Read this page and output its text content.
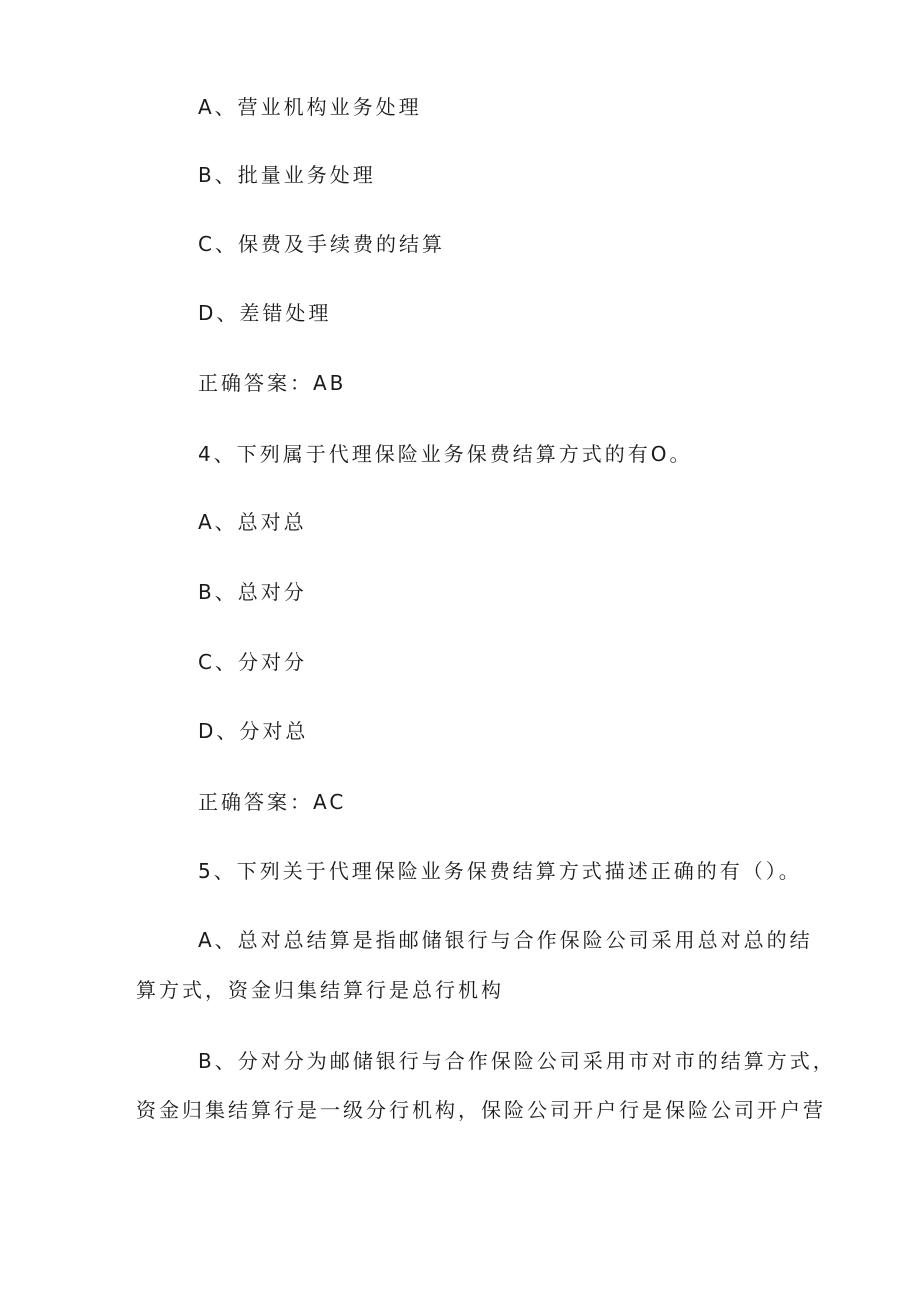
A、营业机构业务处理
B、批量业务处理
C、保费及手续费的结算
D、差错处理
正确答案：AB
4、下列属于代理保险业务保费结算方式的有O。
A、总对总
B、总对分
C、分对分
D、分对总
正确答案：AC
5、下列关于代理保险业务保费结算方式描述正确的有（）。
A、总对总结算是指邮储银行与合作保险公司采用总对总的结
算方式，资金归集结算行是总行机构
B、分对分为邮储银行与合作保险公司采用市对市的结算方式，
资金归集结算行是一级分行机构，保险公司开户行是保险公司开户营
